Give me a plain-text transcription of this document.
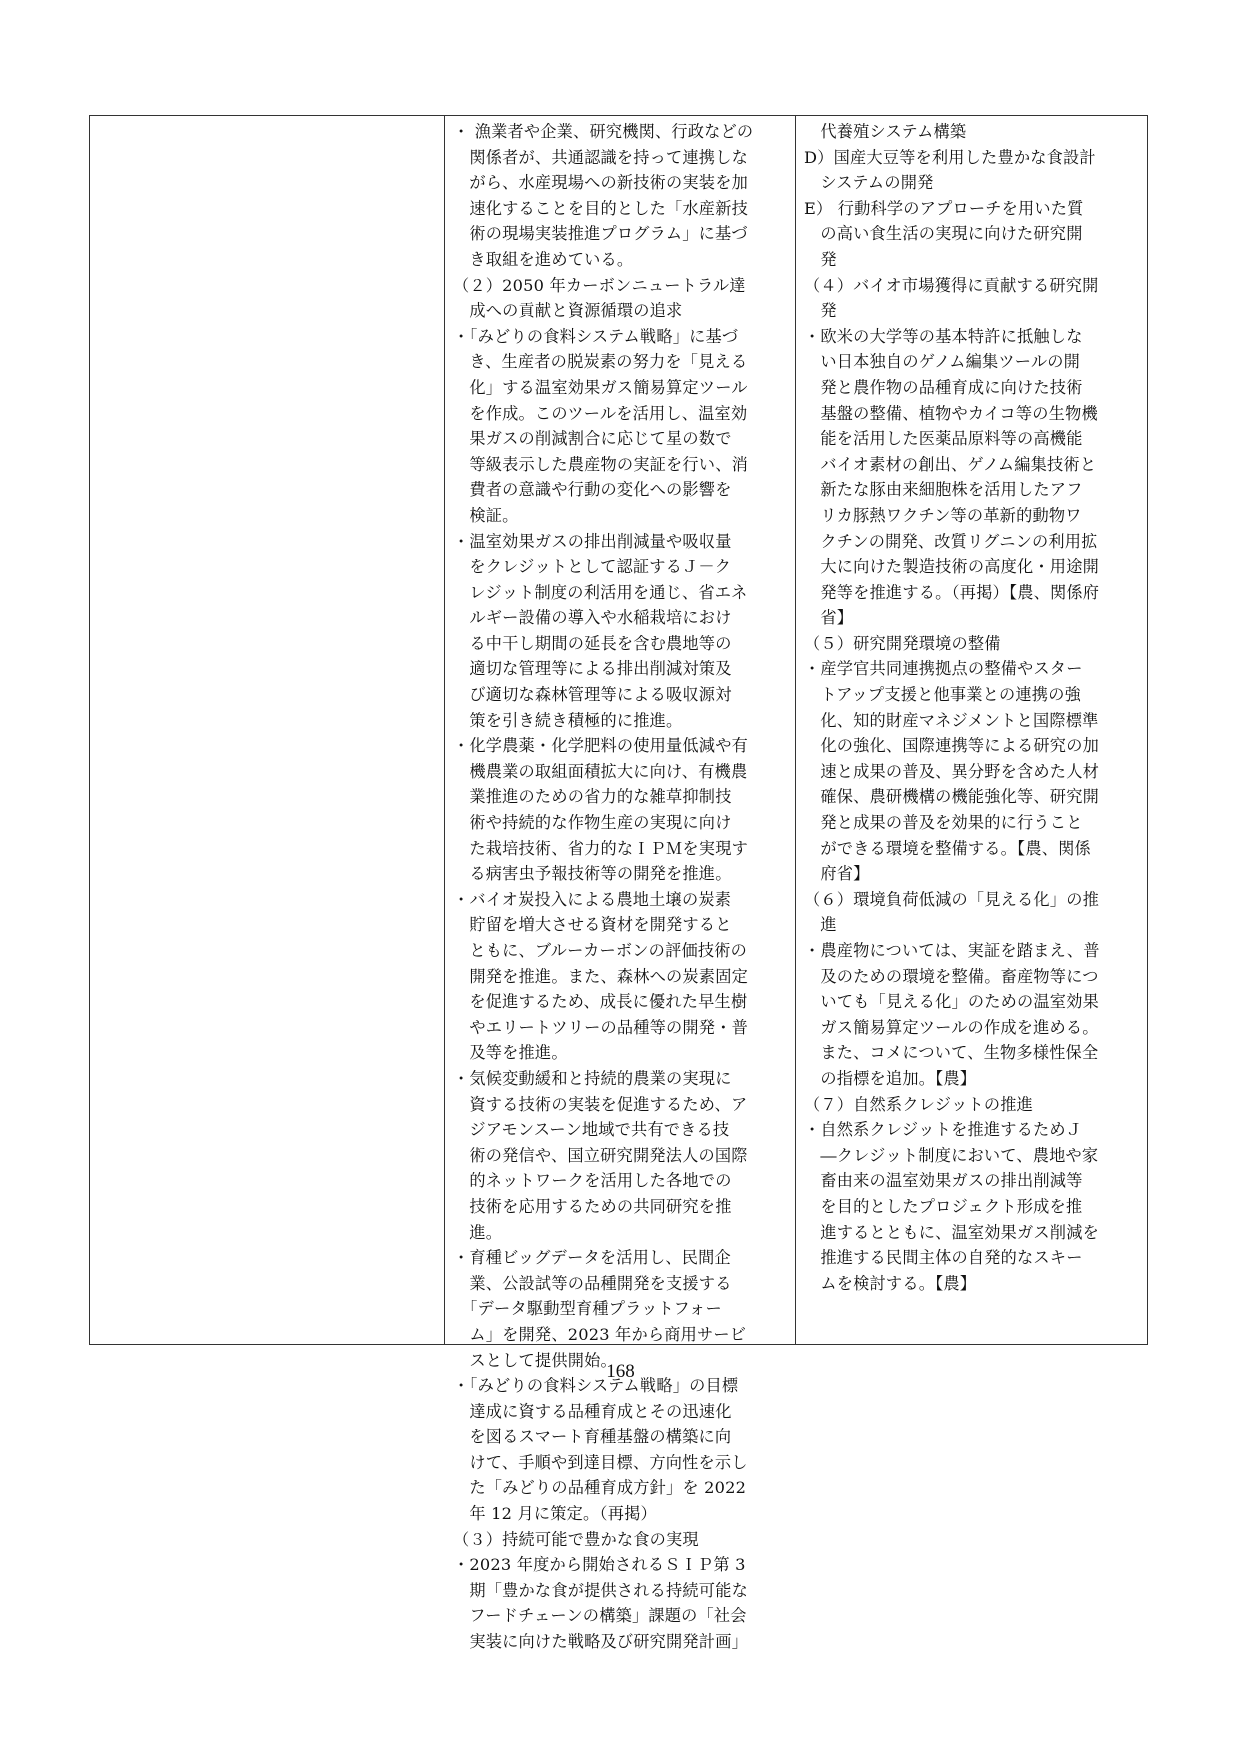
・ 漁業者や企業、研究機関、行政などの
　関係者が、共通認識を持って連携しな
　がら、水産現場への新技術の実装を加
　速化することを目的とした「水産新技
　術の現場実装推進プログラム」に基づ
　き取組を進めている。
（２）2050 年カーボンニュートラル達
　成への貢献と資源循環の追求
・「みどりの食料システム戦略」に基づ
　き、生産者の脱炭素の努力を「見える
　化」する温室効果ガス簡易算定ツール
　を作成。このツールを活用し、温室効
　果ガスの削減割合に応じて星の数で
　等級表示した農産物の実証を行い、消
　費者の意識や行動の変化への影響を
　検証。
・温室効果ガスの排出削減量や吸収量
　をクレジットとして認証するＪ－ク
　レジット制度の利活用を通じ、省エネ
　ルギー設備の導入や水稲栽培におけ
　る中干し期間の延長を含む農地等の
　適切な管理等による排出削減対策及
　び適切な森林管理等による吸収源対
　策を引き続き積極的に推進。
・化学農薬・化学肥料の使用量低減や有
　機農業の取組面積拡大に向け、有機農
　業推進のための省力的な雑草抑制技
　術や持続的な作物生産の実現に向け
　た栽培技術、省力的なＩＰＭを実現す
　る病害虫予報技術等の開発を推進。
・バイオ炭投入による農地土壌の炭素
　貯留を増大させる資材を開発すると
　ともに、ブルーカーボンの評価技術の
　開発を推進。また、森林への炭素固定
　を促進するため、成長に優れた早生樹
　やエリートツリーの品種等の開発・普
　及等を推進。
・気候変動緩和と持続的農業の実現に
　資する技術の実装を促進するため、ア
　ジアモンスーン地域で共有できる技
　術の発信や、国立研究開発法人の国際
　的ネットワークを活用した各地での
　技術を応用するための共同研究を推
　進。
・育種ビッグデータを活用し、民間企
　業、公設試等の品種開発を支援する
　「データ駆動型育種プラットフォー
　ム」を開発、2023 年から商用サービ
　スとして提供開始。
・「みどりの食料システム戦略」の目標
　達成に資する品種育成とその迅速化
　を図るスマート育種基盤の構築に向
　けて、手順や到達目標、方向性を示し
　た「みどりの品種育成方針」を 2022
　年 12 月に策定。（再掲）
（３）持続可能で豊かな食の実現
・2023 年度から開始されるＳＩＰ第 3
　期「豊かな食が提供される持続可能な
　フードチェーンの構築」課題の「社会
　実装に向けた戦略及び研究開発計画」
　代養殖システム構築
D）国産大豆等を利用した豊かな食設計
　システムの開発
E） 行動科学のアプローチを用いた質
　の高い食生活の実現に向けた研究開
　発
（４）バイオ市場獲得に貢献する研究開
　発
・欧米の大学等の基本特許に抵触しな
　い日本独自のゲノム編集ツールの開
　発と農作物の品種育成に向けた技術
　基盤の整備、植物やカイコ等の生物機
　能を活用した医薬品原料等の高機能
　バイオ素材の創出、ゲノム編集技術と
　新たな豚由来細胞株を活用したアフ
　リカ豚熱ワクチン等の革新的動物ワ
　クチンの開発、改質リグニンの利用拡
　大に向けた製造技術の高度化・用途開
　発等を推進する。（再掲）【農、関係府
　省】
（５）研究開発環境の整備
・産学官共同連携拠点の整備やスター
　トアップ支援と他事業との連携の強
　化、知的財産マネジメントと国際標準
　化の強化、国際連携等による研究の加
　速と成果の普及、異分野を含めた人材
　確保、農研機構の機能強化等、研究開
　発と成果の普及を効果的に行うこと
　ができる環境を整備する。【農、関係
　府省】
（６）環境負荷低減の「見える化」の推
　進
・農産物については、実証を踏まえ、普
　及のための環境を整備。畜産物等につ
　いても「見える化」のための温室効果
　ガス簡易算定ツールの作成を進める。
　また、コメについて、生物多様性保全
　の指標を追加。【農】
（７）自然系クレジットの推進
・自然系クレジットを推進するためＪ
　―クレジット制度において、農地や家
　畜由来の温室効果ガスの排出削減等
　を目的としたプロジェクト形成を推
　進するとともに、温室効果ガス削減を
　推進する民間主体の自発的なスキー
　ムを検討する。【農】
168
